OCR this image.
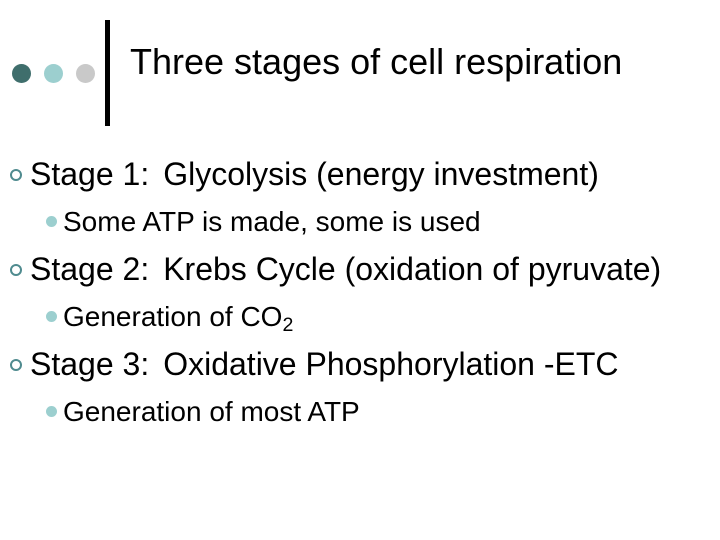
Three stages of cell respiration
Stage 1: Glycolysis (energy investment)
Some ATP is made, some is used
Stage 2: Krebs Cycle (oxidation of pyruvate)
Generation of $CO_2$
Stage 3: Oxidative Phosphorylation -ETC
Generation of most ATP
